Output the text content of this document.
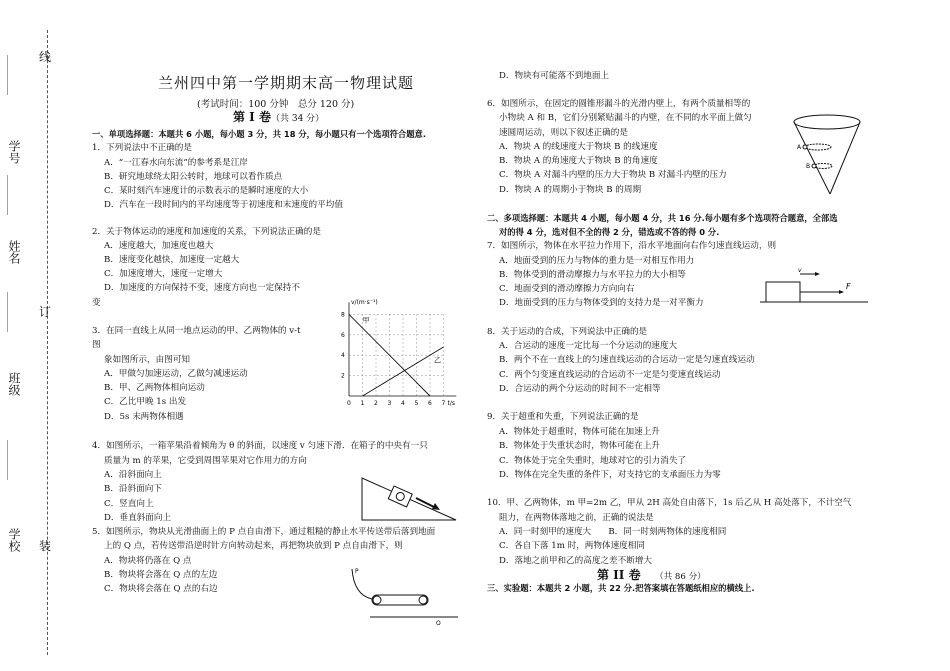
线
订
装
学号
________
姓名
________
班级
________
学校
________
兰州四中第一学期期末高一物理试题
(考试时间：100 分钟　总分 120 分)
第 I 卷（共 34 分）
一、单项选择题：本题共 6 小题，每小题 3 分，共 18 分，每小题只有一个选项符合题意.
1．下列说法中不正确的是
A．“一江春水向东流”的参考系是江岸
B．研究地球绕太阳公转时，地球可以看作质点
C．某时刻汽车速度计的示数表示的是瞬时速度的大小
D．汽车在一段时间内的平均速度等于初速度和末速度的平均值
2．关于物体运动的速度和加速度的关系，下列说法正确的是
A．速度越大，加速度也越大
B．速度变化越快，加速度一定越大
C．加速度增大，速度一定增大
D．加速度的方向保持不变，速度方向也一定保持不
变
3．在同一直线上从同一地点运动的甲、乙两物体的 v-t
图
象如图所示，由图可知
A．甲做匀加速运动，乙做匀减速运动
B．甲、乙两物体相向运动
C．乙比甲晚 1s 出发
D．5s 末两物体相遇
4．如图所示，一箱苹果沿着倾角为 θ 的斜面，以速度 v 匀速下滑．在箱子的中央有一只
质量为 m 的苹果，它受到周围苹果对它作用力的方向
A．沿斜面向上
B．沿斜面向下
C．竖直向上
D．垂直斜面向上
5．如图所示，物块从光滑曲面上的 P 点自由滑下，通过粗糙的静止水平传送带后落到地面
上的 Q 点，若传送带沿逆时针方向转动起来，再把物块放到 P 点自由滑下，则
A．物块将仍落在 Q 点
B．物块将会落在 Q 点的左边
C．物块将会落在 Q 点的右边
D．物块有可能落不到地面上
6．如图所示，在固定的圆锥形漏斗的光滑内壁上，有两个质量相等的
小物块 A 和 B，它们分别紧贴漏斗的内壁，在不同的水平面上做匀
速圆周运动，则以下叙述正确的是
A．物块 A 的线速度大于物块 B 的线速度
B．物块 A 的角速度大于物块 B 的角速度
C．物块 A 对漏斗内壁的压力大于物块 B 对漏斗内壁的压力
D．物块 A 的周期小于物块 B 的周期
二、多项选择题：本题共 4 小题，每小题 4 分，共 16 分.每小题有多个选项符合题意，全部选
对的得 4 分，选对但不全的得 2 分，错选或不答的得 0 分.
7．如图所示，物体在水平拉力作用下，沿水平地面向右作匀速直线运动，则
A．地面受到的压力与物体的重力是一对相互作用力
B．物体受到的滑动摩擦力与水平拉力的大小相等
C．地面受到的滑动摩擦力方向向右
D．地面受到的压力与物体受到的支持力是一对平衡力
8．关于运动的合成，下列说法中正确的是
A．合运动的速度一定比每一个分运动的速度大
B．两个不在一直线上的匀速直线运动的合运动一定是匀速直线运动
C．两个匀变速直线运动的合运动不一定是匀变速直线运动
D．合运动的两个分运动的时间不一定相等
9．关于超重和失重，下列说法正确的是
A．物体处于超重时，物体可能在加速上升
B．物体处于失重状态时，物体可能在上升
C．物体处于完全失重时，地球对它的引力消失了
D．物体在完全失重的条件下，对支持它的支承面压力为零
10．甲、乙两物体，m 甲=2m 乙，甲从 2H 高处自由落下，1s 后乙从 H 高处落下，不计空气
阻力，在两物体落地之前，正确的说法是
A．同一时刻甲的速度大　　B．同一时刻两物体的速度相同
C．各自下落 1m 时，两物体速度相同
D．落地之前甲和乙的高度之差不断增大
第 II 卷
三、实验题：本题共 2 小题，共 22 分.把答案填在答题纸相应的横线上.
（共 86 分）
2
4
6
8
0 1 2 3 4 5 6 7
v/(m·s⁻¹)
t/s
甲
乙
P
Q
A
B
v
F
